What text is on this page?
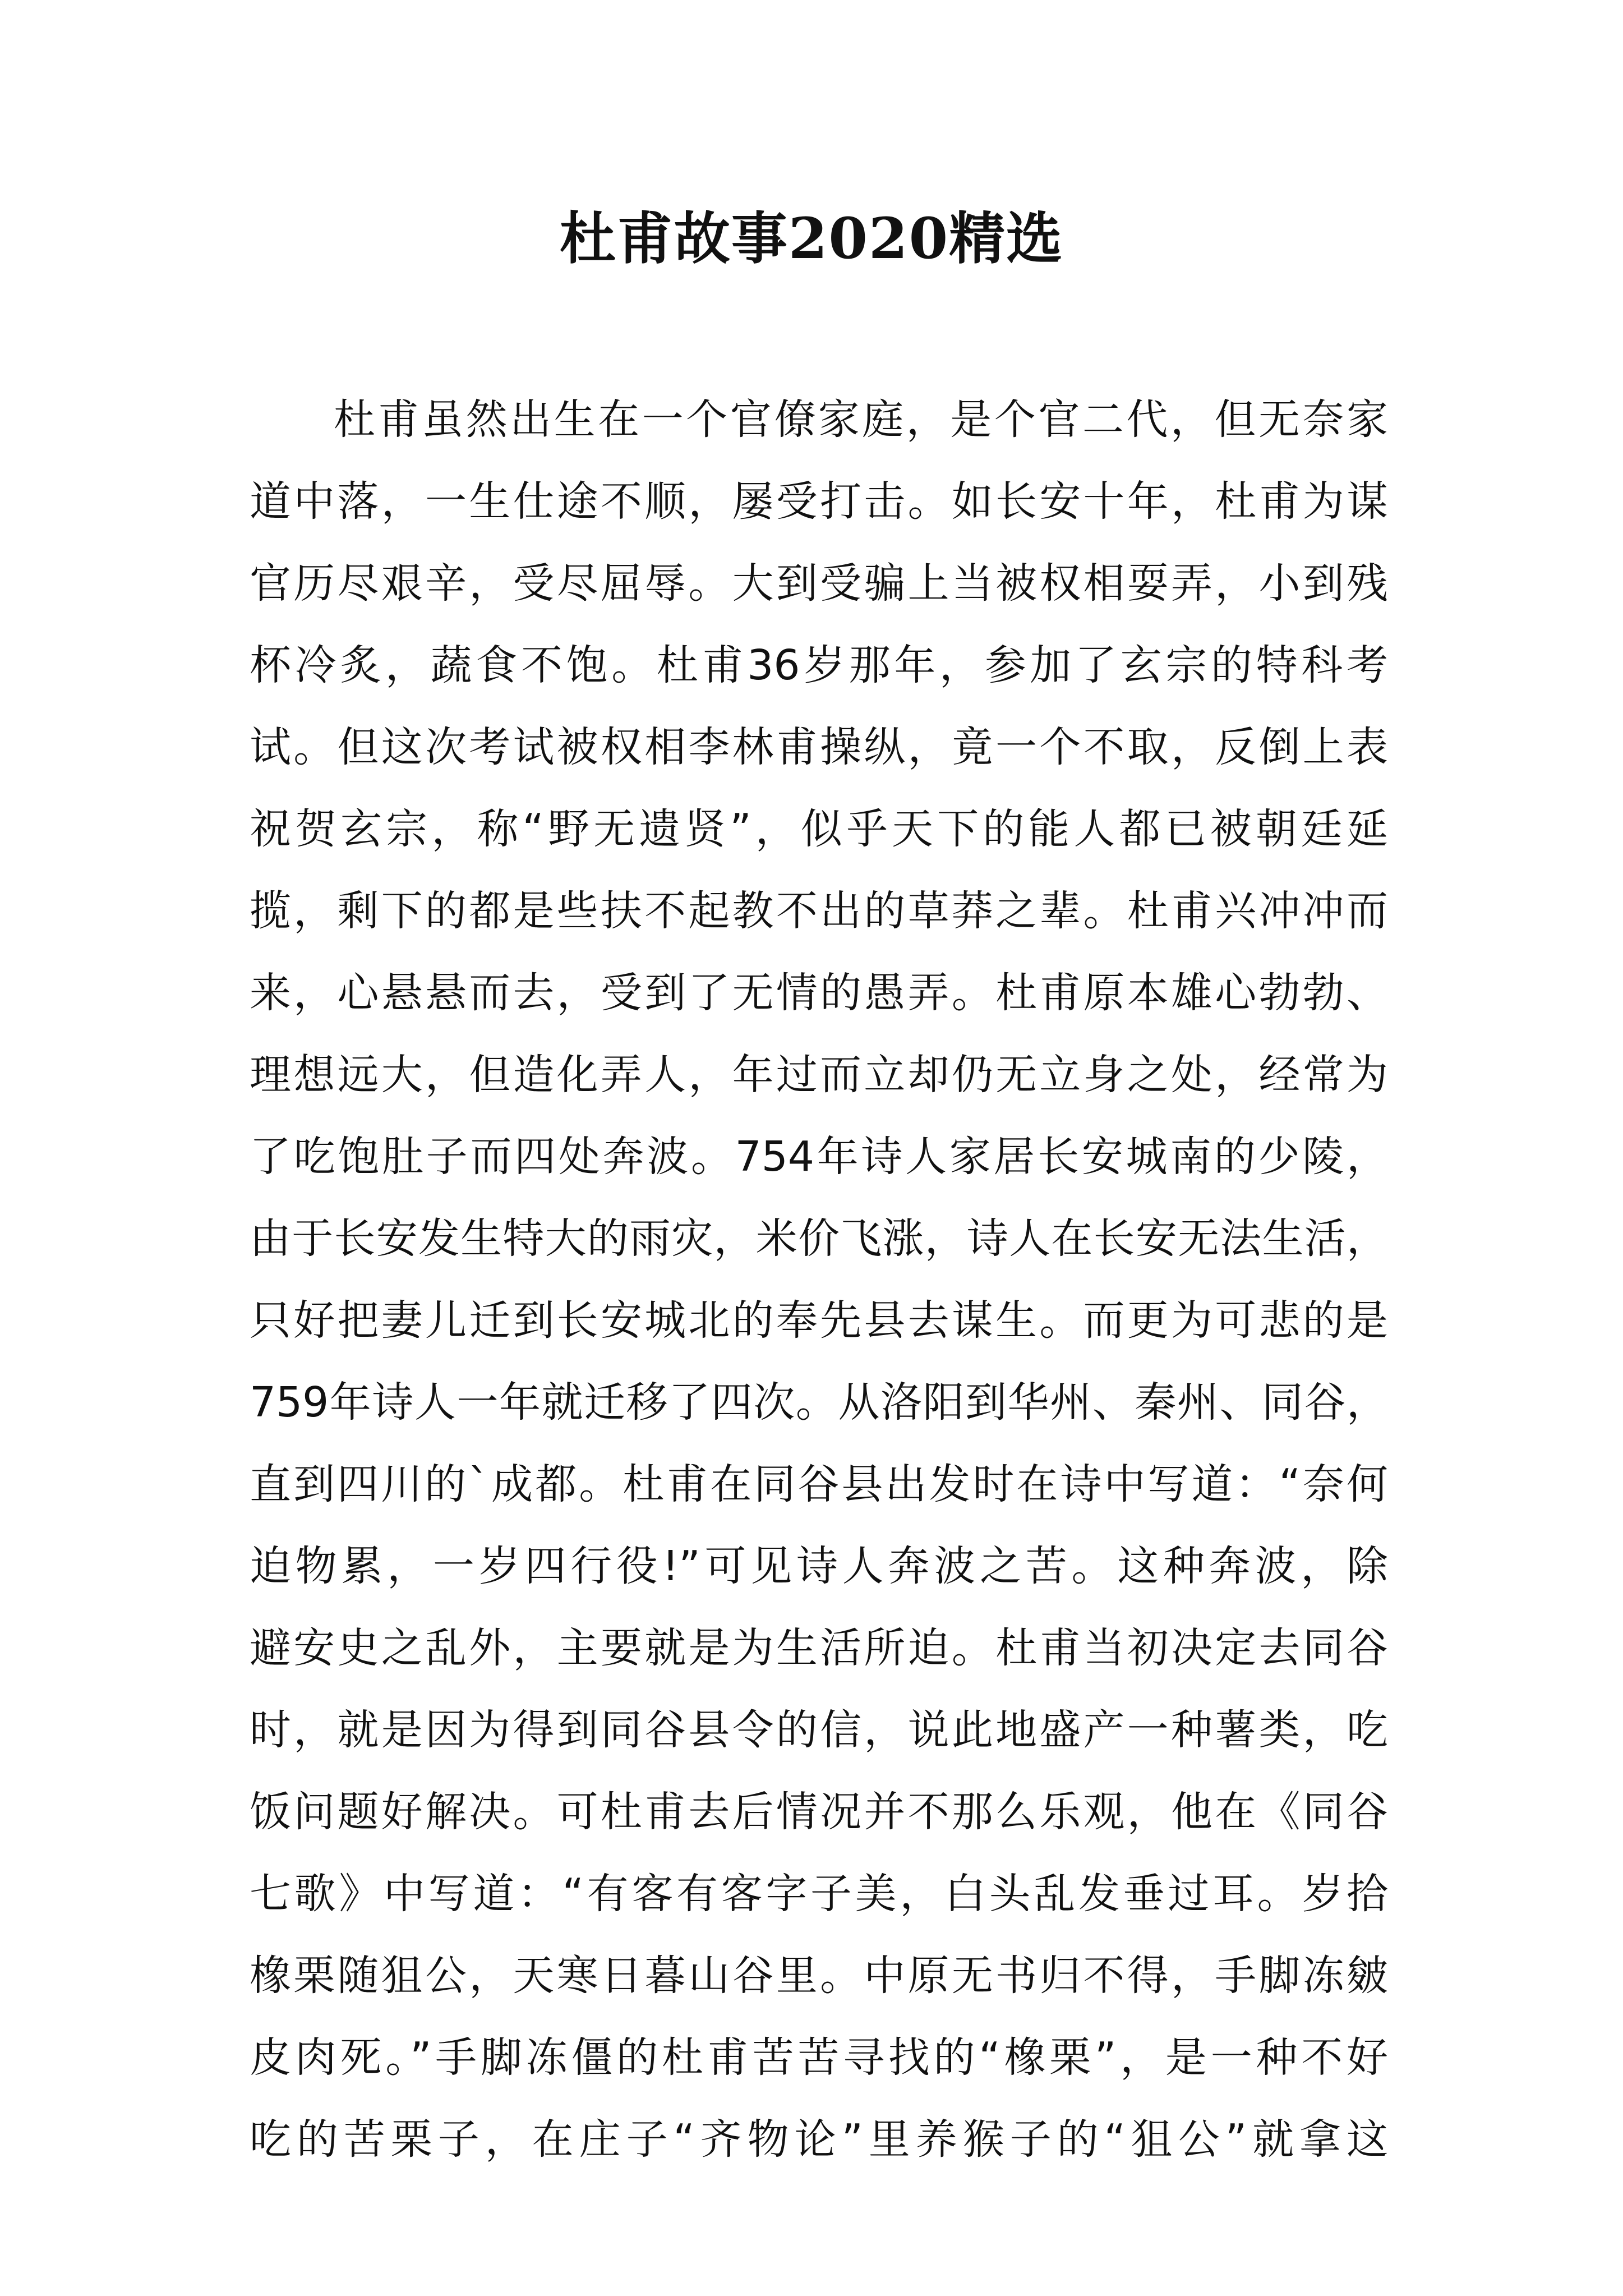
杜甫故事2020精选
杜甫虽然出生在一个官僚家庭，是个官二代，但无奈家
道中落，一生仕途不顺，屡受打击。如长安十年，杜甫为谋
官历尽艰辛，受尽屈辱。大到受骗上当被权相耍弄，小到残
杯冷炙，蔬食不饱。杜甫36岁那年，参加了玄宗的特科考
试。但这次考试被权相李林甫操纵，竟一个不取，反倒上表
祝贺玄宗，称“野无遗贤”，似乎天下的能人都已被朝廷延
揽，剩下的都是些扶不起教不出的草莽之辈。杜甫兴冲冲而
来，心悬悬而去，受到了无情的愚弄。杜甫原本雄心勃勃、
理想远大，但造化弄人，年过而立却仍无立身之处，经常为
了吃饱肚子而四处奔波。754年诗人家居长安城南的少陵，
由于长安发生特大的雨灾，米价飞涨，诗人在长安无法生活，
只好把妻儿迁到长安城北的奉先县去谋生。而更为可悲的是
759年诗人一年就迁移了四次。从洛阳到华州、秦州、同谷，
直到四川的`成都。杜甫在同谷县出发时在诗中写道：“奈何
迫物累，一岁四行役!”可见诗人奔波之苦。这种奔波，除
避安史之乱外，主要就是为生活所迫。杜甫当初决定去同谷
时，就是因为得到同谷县令的信，说此地盛产一种薯类，吃
饭问题好解决。可杜甫去后情况并不那么乐观，他在《同谷
七歌》中写道：“有客有客字子美，白头乱发垂过耳。岁拾
橡栗随狙公，天寒日暮山谷里。中原无书归不得，手脚冻皴
皮肉死。”手脚冻僵的杜甫苦苦寻找的“橡栗”，是一种不好
吃的苦栗子，在庄子“齐物论”里养猴子的“狙公”就拿这
